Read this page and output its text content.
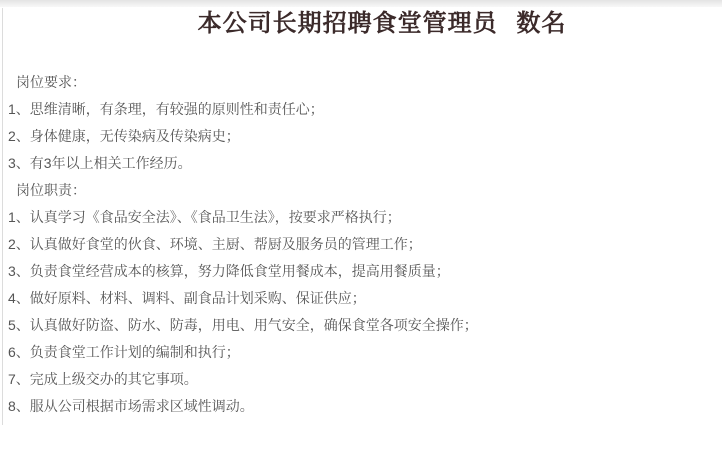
本公司长期招聘食堂管理员  数名
岗位要求：
1、思维清晰，有条理，有较强的原则性和责任心；
2、身体健康，无传染病及传染病史；
3、有3年以上相关工作经历。
岗位职责：
1、认真学习《食品安全法》、《食品卫生法》，按要求严格执行；
2、认真做好食堂的伙食、环境、主厨、帮厨及服务员的管理工作；
3、负责食堂经营成本的核算，努力降低食堂用餐成本，提高用餐质量；
4、做好原料、材料、调料、副食品计划采购、保证供应；
5、认真做好防盗、防水、防毒，用电、用气安全，确保食堂各项安全操作；
6、负责食堂工作计划的编制和执行；
7、完成上级交办的其它事项。
8、服从公司根据市场需求区域性调动。
